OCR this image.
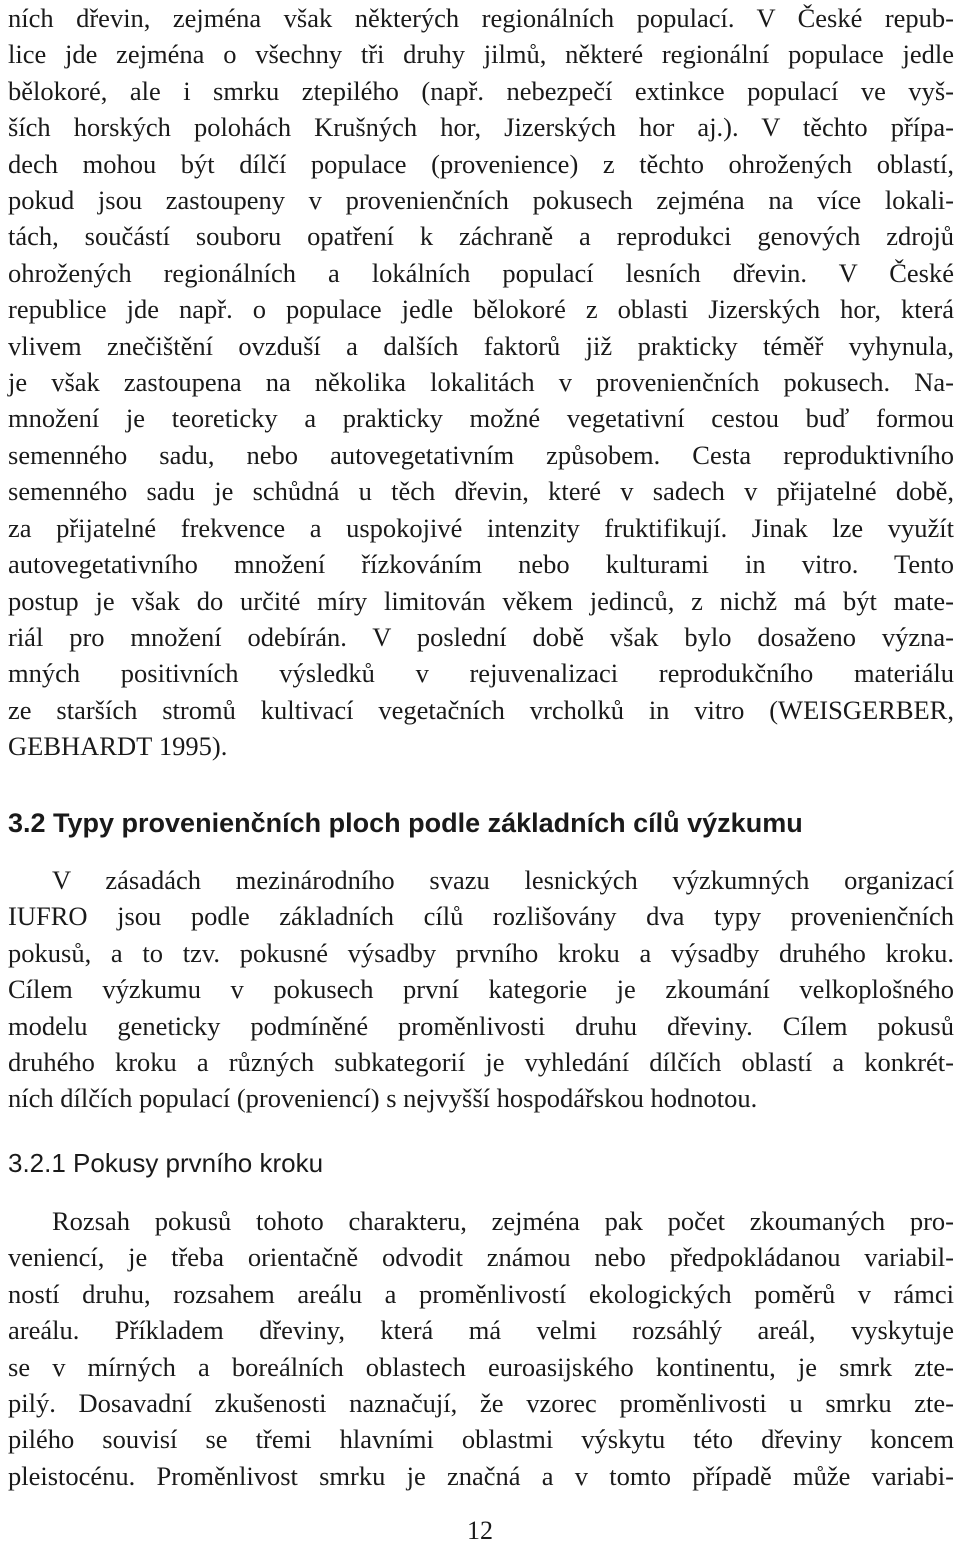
ních dřevin, zejména však některých regionálních populací. V České repub-
lice jde zejména o všechny tři druhy jilmů, některé regionální populace jedle
bělokoré, ale i smrku ztepilého (např. nebezpečí extinkce populací ve vyš-
ších horských polohách Krušných hor, Jizerských hor aj.). V těchto přípa-
dech mohou být dílčí populace (provenience) z těchto ohrožených oblastí,
pokud jsou zastoupeny v provenienčních pokusech zejména na více lokali-
tách, součástí souboru opatření k záchraně a reprodukci genových zdrojů
ohrožených regionálních a lokálních populací lesních dřevin. V České
republice jde např. o populace jedle bělokoré z oblasti Jizerských hor, která
vlivem znečištění ovzduší a dalších faktorů již prakticky téměř vyhynula,
je však zastoupena na několika lokalitách v provenienčních pokusech. Na-
množení je teoreticky a prakticky možné vegetativní cestou buď formou
semenného sadu, nebo autovegetativním způsobem. Cesta reproduktivního
semenného sadu je schůdná u těch dřevin, které v sadech v přijatelné době,
za přijatelné frekvence a uspokojivé intenzity fruktifikují. Jinak lze využít
autovegetativního množení řízkováním nebo kulturami in vitro. Tento
postup je však do určité míry limitován věkem jedinců, z nichž má být mate-
riál pro množení odebírán. V poslední době však bylo dosaženo význa-
mných positivních výsledků v rejuvenalizaci reprodukčního materiálu
ze starších stromů kultivací vegetačních vrcholků in vitro (WEISGERBER,
GEBHARDT 1995).
3.2 Typy provenienčních ploch podle základních cílů výzkumu
V zásadách mezinárodního svazu lesnických výzkumných organizací
IUFRO jsou podle základních cílů rozlišovány dva typy provenienčních
pokusů, a to tzv. pokusné výsadby prvního kroku a výsadby druhého kroku.
Cílem výzkumu v pokusech první kategorie je zkoumání velkoplošného
modelu geneticky podmíněné proměnlivosti druhu dřeviny. Cílem pokusů
druhého kroku a různých subkategorií je vyhledání dílčích oblastí a konkrét-
ních dílčích populací (proveniencí) s nejvyšší hospodářskou hodnotou.
3.2.1 Pokusy prvního kroku
Rozsah pokusů tohoto charakteru, zejména pak počet zkoumaných pro-
veniencí, je třeba orientačně odvodit známou nebo předpokládanou variabil-
ností druhu, rozsahem areálu a proměnlivostí ekologických poměrů v rámci
areálu. Příkladem dřeviny, která má velmi rozsáhlý areál, vyskytuje
se v mírných a boreálních oblastech euroasijského kontinentu, je smrk zte-
pilý. Dosavadní zkušenosti naznačují, že vzorec proměnlivosti u smrku zte-
pilého souvisí se třemi hlavními oblastmi výskytu této dřeviny koncem
pleistocénu. Proměnlivost smrku je značná a v tomto případě může variabi-
12
